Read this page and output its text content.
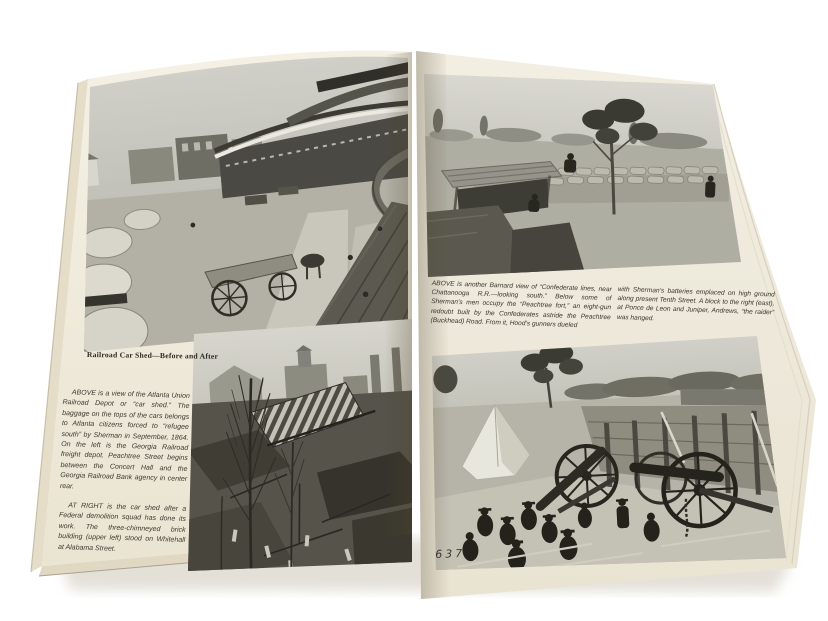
Railroad Car Shed—Before and After

ABOVE is a view of the Atlanta Union Railroad Depot or “car shed.” The baggage on the tops of the cars belongs to Atlanta citizens forced to “refugee south” by Sherman in September, 1864. On the left is the Georgia Railroad freight depot. Peachtree Street begins between the Concert Hall and the Georgia Railroad Bank agency in center rear.

AT RIGHT is the car shed after a Federal demolition squad has done its work. The three-chimneyed brick building (upper left) stood on Whitehall at Alabama Street.

ABOVE is another Barnard view of “Confederate lines, near Chattanooga R.R.—looking south.” Below some of Sherman’s men occupy the “Peachtree fort,” an eight-gun redoubt built by the Confederates astride the Peachtree (Buckhead) Road. From it, Hood’s gunners dueled
with Sherman’s batteries emplaced on high ground along present Tenth Street. A block to the right (east), at Ponce de Leon and Juniper, Andrews, “the raider” was hanged.
637
